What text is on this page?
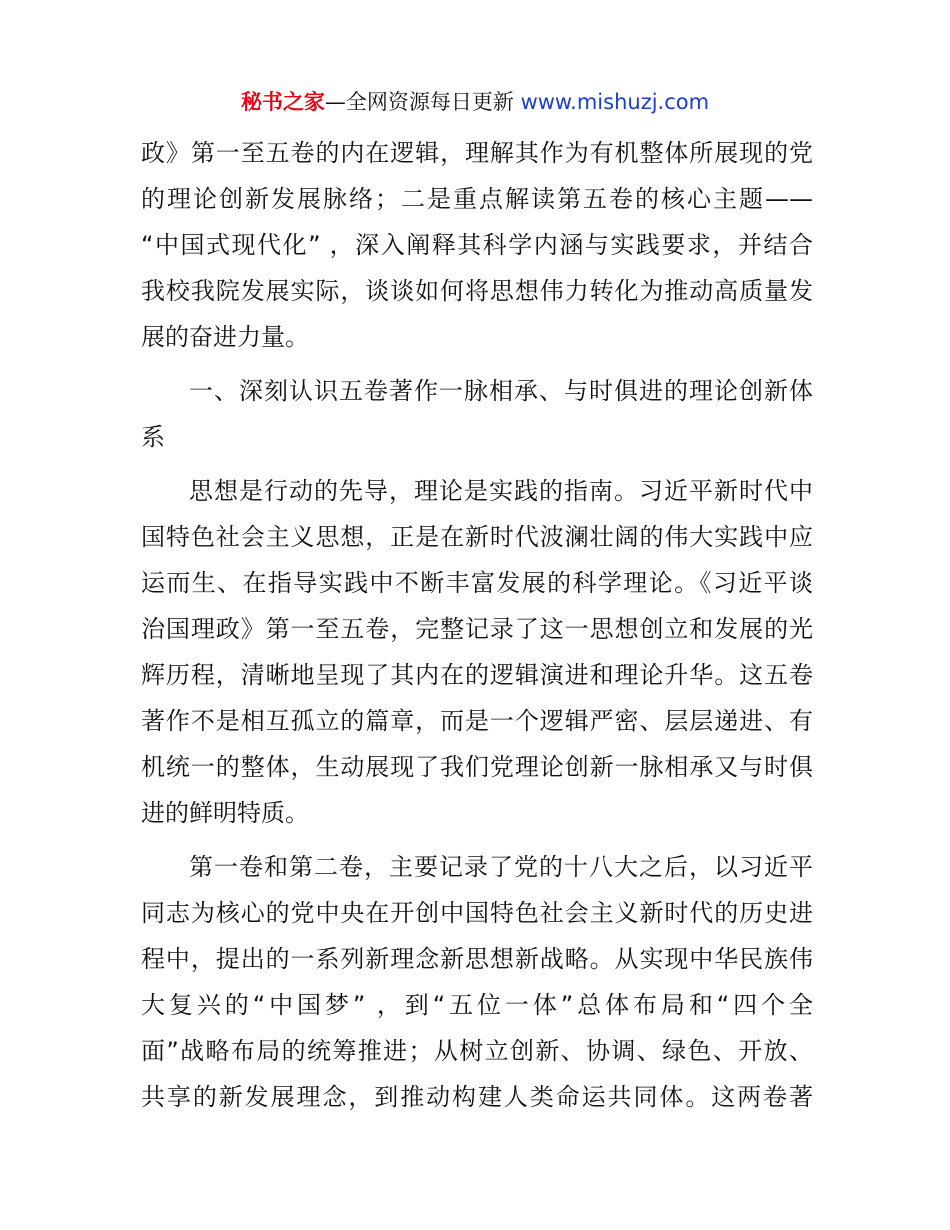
秘书之家—全网资源每日更新 www.mishuzj.com
政》第一至五卷的内在逻辑，理解其作为有机整体所展现的党
的理论创新发展脉络；二是重点解读第五卷的核心主题——
“中国式现代化” ，深入阐释其科学内涵与实践要求，并结合
我校我院发展实际，谈谈如何将思想伟力转化为推动高质量发
展的奋进力量。
一、深刻认识五卷著作一脉相承、与时俱进的理论创新体
系
思想是行动的先导，理论是实践的指南。习近平新时代中
国特色社会主义思想，正是在新时代波澜壮阔的伟大实践中应
运而生、在指导实践中不断丰富发展的科学理论。《习近平谈
治国理政》第一至五卷，完整记录了这一思想创立和发展的光
辉历程，清晰地呈现了其内在的逻辑演进和理论升华。这五卷
著作不是相互孤立的篇章，而是一个逻辑严密、层层递进、有
机统一的整体，生动展现了我们党理论创新一脉相承又与时俱
进的鲜明特质。
第一卷和第二卷，主要记录了党的十八大之后，以习近平
同志为核心的党中央在开创中国特色社会主义新时代的历史进
程中，提出的一系列新理念新思想新战略。从实现中华民族伟
大复兴的“中国梦” ，到“五位一体”总体布局和“四个全
面”战略布局的统筹推进；从树立创新、协调、绿色、开放、
共享的新发展理念，到推动构建人类命运共同体。这两卷著
